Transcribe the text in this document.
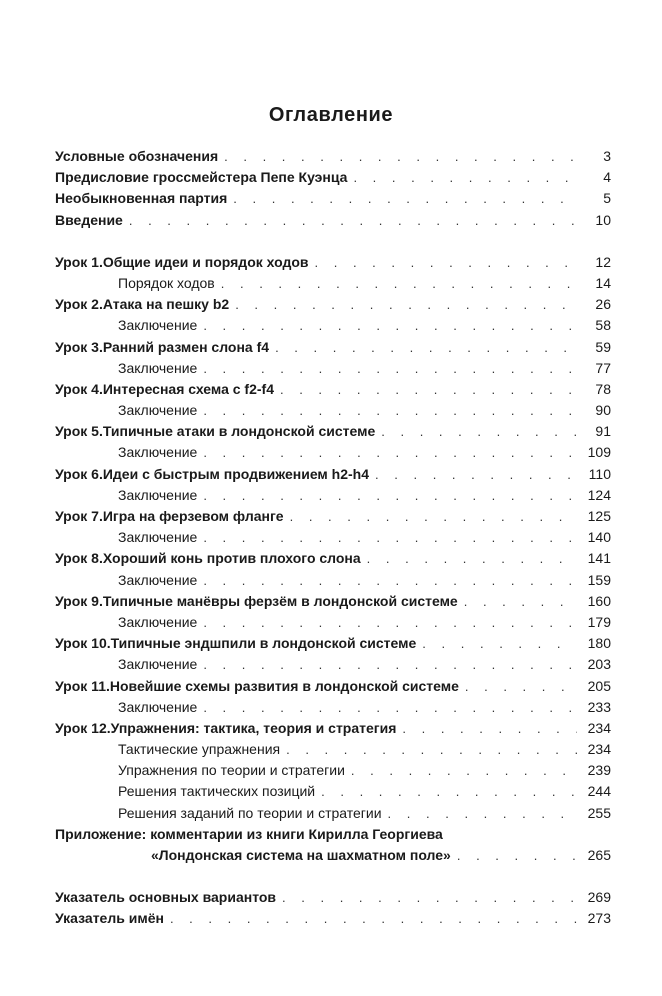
Оглавление
Условные обозначения . . .	3
Предисловие гроссмейстера Пепе Куэнца . . .	4
Необыкновенная партия . . .	5
Введение . . .	10
Урок 1. Общие идеи и порядок ходов . . .	12
Порядок ходов . . .	14
Урок 2. Атака на пешку b2 . . .	26
Заключение . . .	58
Урок 3. Ранний размен слона f4 . . .	59
Заключение . . .	77
Урок 4. Интересная схема с f2-f4 . . .	78
Заключение . . .	90
Урок 5. Типичные атаки в лондонской системе . . .	91
Заключение . . .	109
Урок 6. Идеи с быстрым продвижением h2-h4 . . .	110
Заключение . . .	124
Урок 7. Игра на ферзевом фланге . . .	125
Заключение . . .	140
Урок 8. Хороший конь против плохого слона . . .	141
Заключение . . .	159
Урок 9. Типичные манёвры ферзём в лондонской системе . . .	160
Заключение . . .	179
Урок 10. Типичные эндшпили в лондонской системе . . .	180
Заключение . . .	203
Урок 11. Новейшие схемы развития в лондонской системе . . .	205
Заключение . . .	233
Урок 12. Упражнения: тактика, теория и стратегия . . .	234
Тактические упражнения . . .	234
Упражнения по теории и стратегии . . .	239
Решения тактических позиций . . .	244
Решения заданий по теории и стратегии . . .	255
Приложение: комментарии из книги Кирилла Георгиева
«Лондонская система на шахматном поле» . . .	265
Указатель основных вариантов . . .	269
Указатель имён . . .	273
